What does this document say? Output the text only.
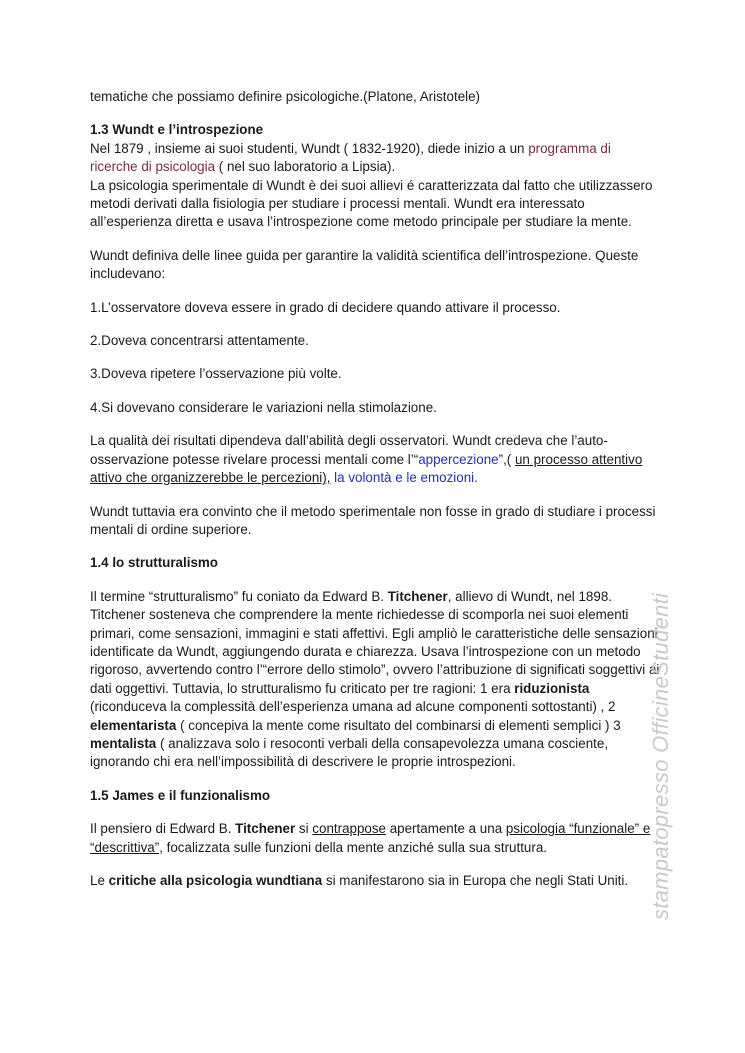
tematiche che possiamo definire psicologiche.(Platone, Aristotele)

1.3 Wundt e l’introspezione

Nel 1879 , insieme ai suoi studenti, Wundt ( 1832-1920), diede inizio a un programma di ricerche di psicologia ( nel suo laboratorio a Lipsia).

La psicologia sperimentale di Wundt è dei suoi allievi é caratterizzata dal fatto che utilizzassero metodi derivati dalla fisiologia per studiare i processi mentali. Wundt era interessato all’esperienza diretta e usava l’introspezione come metodo principale per studiare la mente.

Wundt definiva delle linee guida per garantire la validità scientifica dell’introspezione. Queste includevano:

1.L’osservatore doveva essere in grado di decidere quando attivare il processo.

2.Doveva concentrarsi attentamente.

3.Doveva ripetere l’osservazione più volte.

4.Si dovevano considerare le variazioni nella stimolazione.

La qualità dei risultati dipendeva dall’abilità degli osservatori. Wundt credeva che l’auto-osservazione potesse rivelare processi mentali come l’“appercezione”,( un processo attentivo attivo che organizzerebbe le percezioni), la volontà e le emozioni.

Wundt tuttavia era convinto che il metodo sperimentale non fosse in grado di studiare i processi mentali di ordine superiore.

1.4 lo strutturalismo

Il termine “strutturalismo” fu coniato da Edward B. Titchener, allievo di Wundt, nel 1898. Titchener sosteneva che comprendere la mente richiedesse di scomporla nei suoi elementi primari, come sensazioni, immagini e stati affettivi. Egli ampliò le caratteristiche delle sensazioni identificate da Wundt, aggiungendo durata e chiarezza. Usava l’introspezione con un metodo rigoroso, avvertendo contro l’“errore dello stimolo”, ovvero l’attribuzione di significati soggettivi ai dati oggettivi. Tuttavia, lo strutturalismo fu criticato per tre ragioni: 1 era riduzionista (riconduceva la complessità dell’esperienza umana ad alcune componenti sottostanti) , 2 elementarista ( concepiva la mente come risultato del combinarsi di elementi semplici ) 3 mentalista ( analizzava solo i resoconti verbali della consapevolezza umana cosciente, ignorando chi era nell’impossibilità di descrivere le proprie introspezioni.

1.5 James e il funzionalismo

Il pensiero di Edward B. Titchener si contrappose apertamente a una psicologia “funzionale” e “descrittiva”, focalizzata sulle funzioni della mente anziché sulla sua struttura.

Le critiche alla psicologia wundtiana si manifestarono sia in Europa che negli Stati Uniti. stampatopresso OfficineStudenti
